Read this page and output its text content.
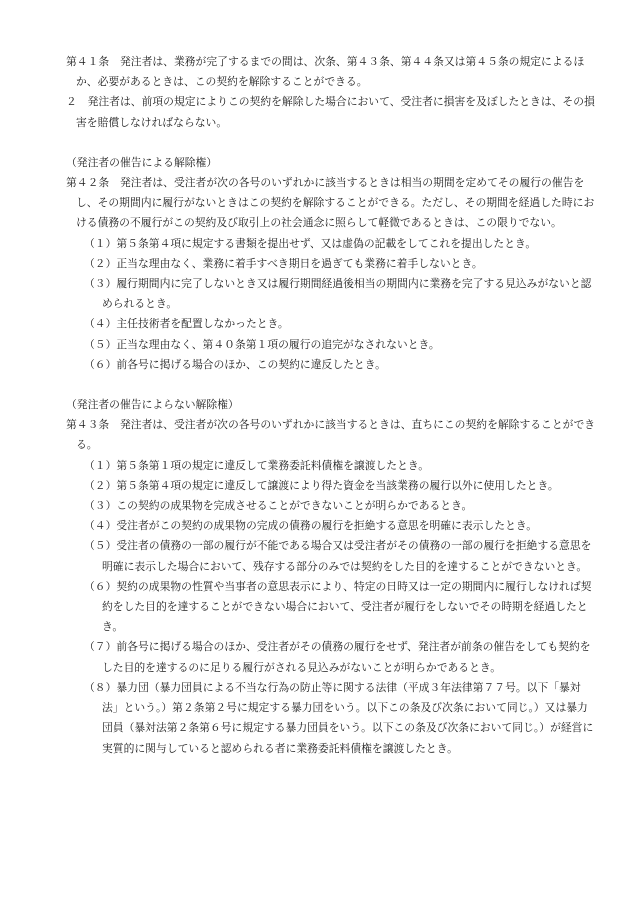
第４１条　発注者は、業務が完了するまでの間は、次条、第４３条、第４４条又は第４５条の規定によるほか、必要があるときは、この契約を解除することができる。

２　発注者は、前項の規定によりこの契約を解除した場合において、受注者に損害を及ぼしたときは、その損害を賠償しなければならない。

（発注者の催告による解除権）

第４２条　発注者は、受注者が次の各号のいずれかに該当するときは相当の期間を定めてその履行の催告をし、その期間内に履行がないときはこの契約を解除することができる。ただし、その期間を経過した時における債務の不履行がこの契約及び取引上の社会通念に照らして軽微であるときは、この限りでない。

（１）第５条第４項に規定する書類を提出せず、又は虚偽の記載をしてこれを提出したとき。

（２）正当な理由なく、業務に着手すべき期日を過ぎても業務に着手しないとき。

（３）履行期間内に完了しないとき又は履行期間経過後相当の期間内に業務を完了する見込みがないと認められるとき。

（４）主任技術者を配置しなかったとき。

（５）正当な理由なく、第４０条第１項の履行の追完がなされないとき。

（６）前各号に掲げる場合のほか、この契約に違反したとき。

（発注者の催告によらない解除権）

第４３条　発注者は、受注者が次の各号のいずれかに該当するときは、直ちにこの契約を解除することができる。

（１）第５条第１項の規定に違反して業務委託料債権を譲渡したとき。

（２）第５条第４項の規定に違反して譲渡により得た資金を当該業務の履行以外に使用したとき。

（３）この契約の成果物を完成させることができないことが明らかであるとき。

（４）受注者がこの契約の成果物の完成の債務の履行を拒絶する意思を明確に表示したとき。

（５）受注者の債務の一部の履行が不能である場合又は受注者がその債務の一部の履行を拒絶する意思を明確に表示した場合において、残存する部分のみでは契約をした目的を達することができないとき。

（６）契約の成果物の性質や当事者の意思表示により、特定の日時又は一定の期間内に履行しなければ契約をした目的を達することができない場合において、受注者が履行をしないでその時期を経過したとき。

（７）前各号に掲げる場合のほか、受注者がその債務の履行をせず、発注者が前条の催告をしても契約をした目的を達するのに足りる履行がされる見込みがないことが明らかであるとき。

（８）暴力団（暴力団員による不当な行為の防止等に関する法律（平成３年法律第７７号。以下「暴対法」という。）第２条第２号に規定する暴力団をいう。以下この条及び次条において同じ。）又は暴力団員（暴対法第２条第６号に規定する暴力団員をいう。以下この条及び次条において同じ。）が経営に実質的に関与していると認められる者に業務委託料債権を譲渡したとき。
